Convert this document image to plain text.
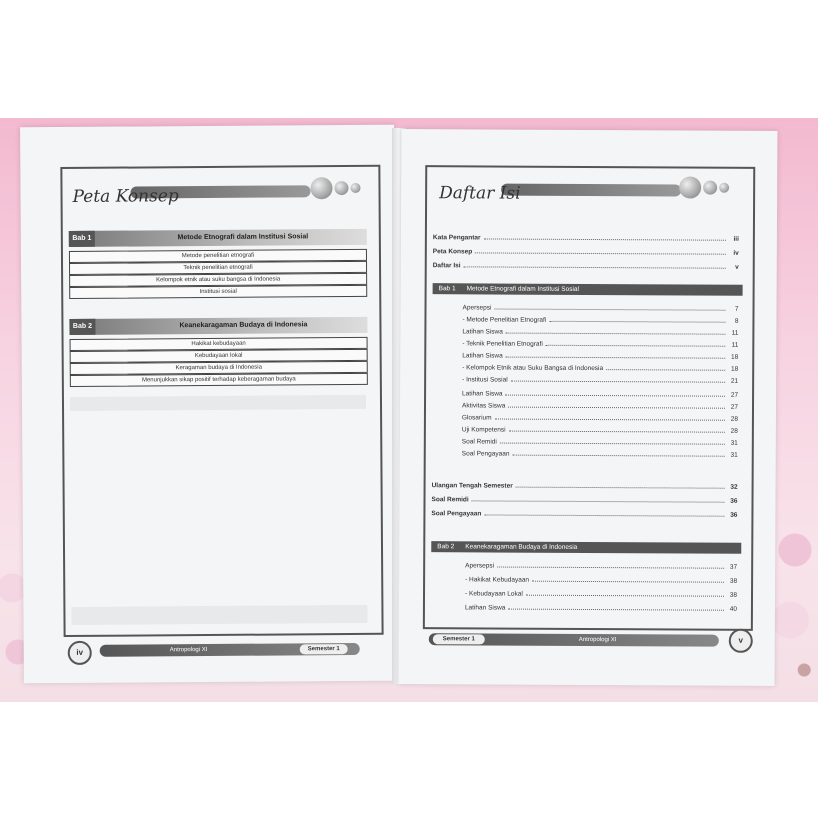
Peta Konsep
Bab 1	Metode Etnografi dalam Institusi Sosial
Metode penelitian etnografi
Teknik penelitian etnografi
Kelompok etnik atau suku bangsa di Indonesia
Institusi sosial
Bab 2	Keanekaragaman Budaya di Indonesia
Hakikat kebudayaan
Kebudayaan lokal
Keragaman budaya di Indonesia
Menunjukkan sikap positif terhadap keberagaman budaya
iv	Antropologi XI	Semester 1
Daftar Isi
Kata Pengantar	iii
Peta Konsep	iv
Daftar Isi	v
Bab 1 Metode Etnografi dalam Institusi Sosial
Apersepsi	7
- Metode Penelitian Etnografi	8
Latihan Siswa	11
- Teknik Penelitian Etnografi	11
Latihan Siswa	18
- Kelompok Etnik atau Suku Bangsa di Indonesia	18
- Institusi Sosial	21
Latihan Siswa	27
Aktivitas Siswa	27
Glosarium	28
Uji Kompetensi	28
Soal Remidi	31
Soal Pengayaan	31
Ulangan Tengah Semester	32
Soal Remidi	36
Soal Pengayaan	36
Bab 2 Keanekaragaman Budaya di Indonesia
Apersepsi	37
- Hakikat Kebudayaan	38
- Kebudayaan Lokal	38
Latihan Siswa	40
Semester 1	Antropologi XI	v
